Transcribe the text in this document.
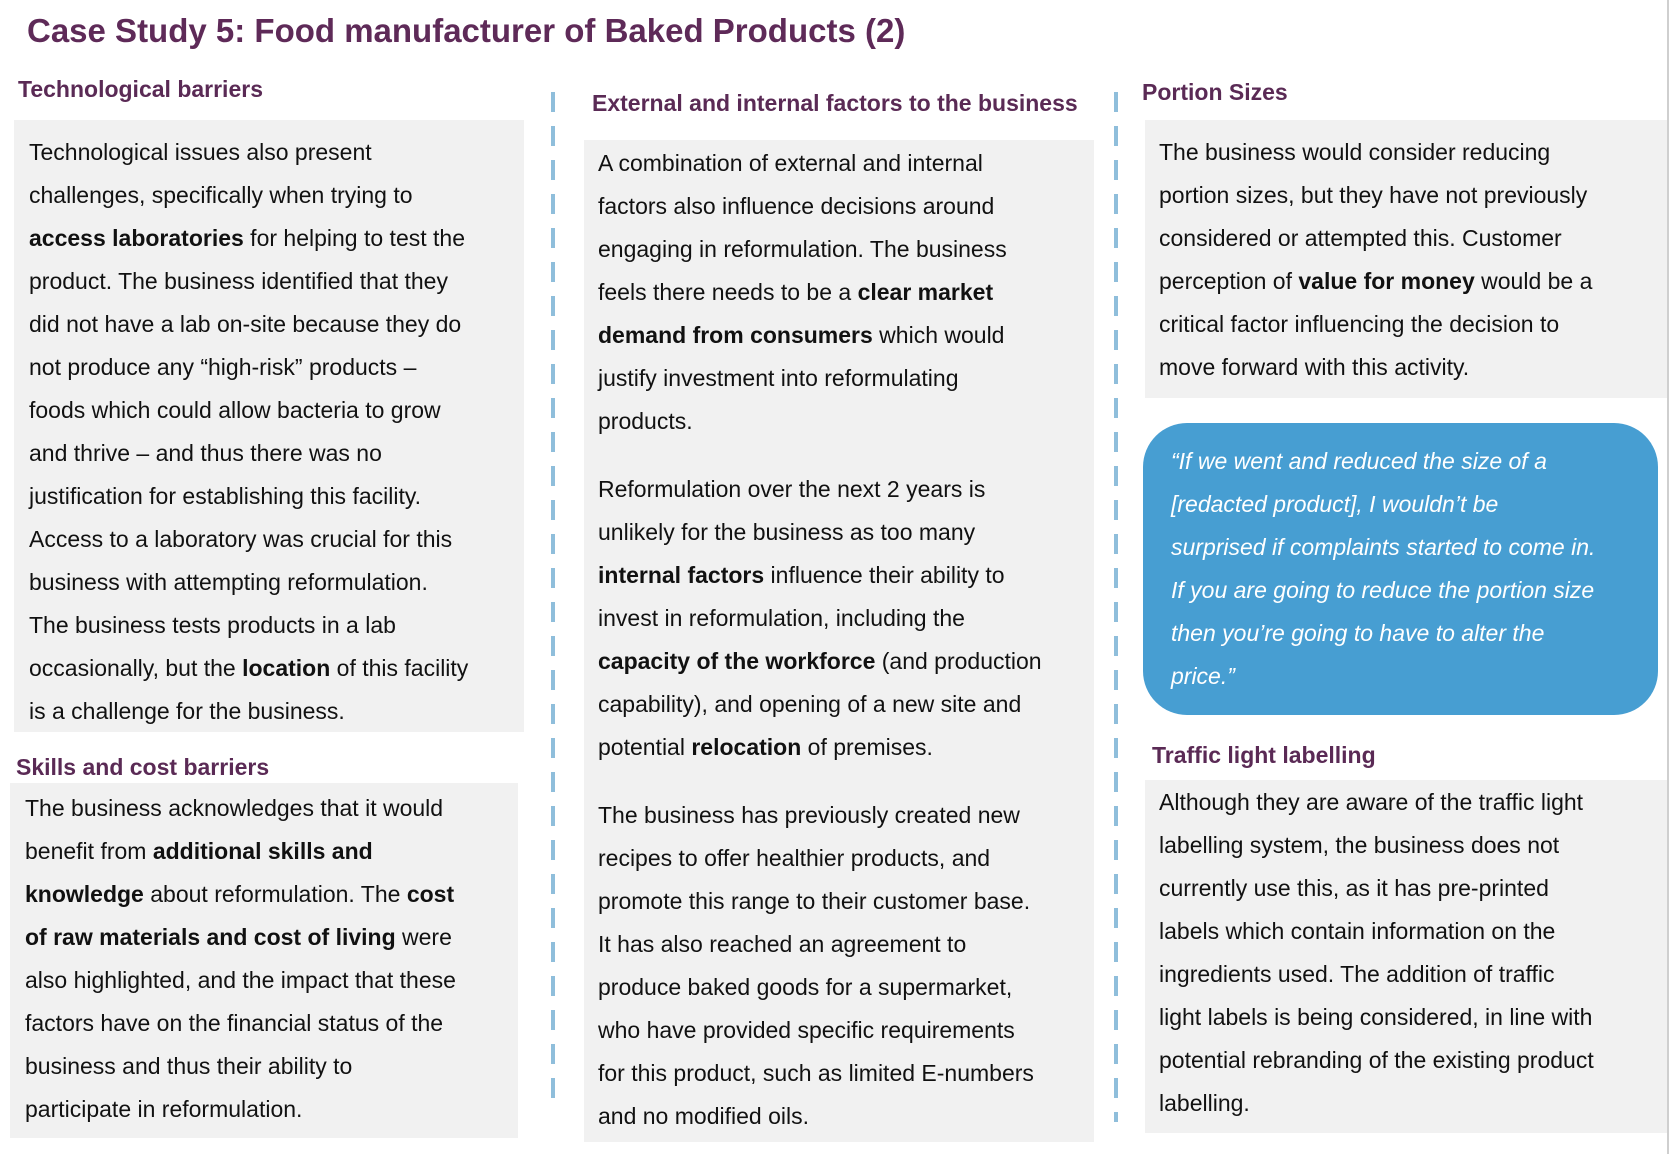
Case Study 5: Food manufacturer of Baked Products (2)
Technological barriers
Technological issues also present
challenges, specifically when trying to
access laboratories for helping to test the
product. The business identified that they
did not have a lab on-site because they do
not produce any “high-risk” products –
foods which could allow bacteria to grow
and thrive – and thus there was no
justification for establishing this facility.
Access to a laboratory was crucial for this
business with attempting reformulation.
The business tests products in a lab
occasionally, but the location of this facility
is a challenge for the business.
Skills and cost barriers
The business acknowledges that it would
benefit from additional skills and
knowledge about reformulation. The cost
of raw materials and cost of living were
also highlighted, and the impact that these
factors have on the financial status of the
business and thus their ability to
participate in reformulation.
External and internal factors to the business
A combination of external and internal
factors also influence decisions around
engaging in reformulation. The business
feels there needs to be a clear market
demand from consumers which would
justify investment into reformulating
products.
Reformulation over the next 2 years is
unlikely for the business as too many
internal factors influence their ability to
invest in reformulation, including the
capacity of the workforce (and production
capability), and opening of a new site and
potential relocation of premises.
The business has previously created new
recipes to offer healthier products, and
promote this range to their customer base.
It has also reached an agreement to
produce baked goods for a supermarket,
who have provided specific requirements
for this product, such as limited E-numbers
and no modified oils.
Portion Sizes
The business would consider reducing
portion sizes, but they have not previously
considered or attempted this. Customer
perception of value for money would be a
critical factor influencing the decision to
move forward with this activity.
“If we went and reduced the size of a
[redacted product], I wouldn’t be
surprised if complaints started to come in.
If you are going to reduce the portion size
then you’re going to have to alter the
price.”
Traffic light labelling
Although they are aware of the traffic light
labelling system, the business does not
currently use this, as it has pre-printed
labels which contain information on the
ingredients used. The addition of traffic
light labels is being considered, in line with
potential rebranding of the existing product
labelling.
